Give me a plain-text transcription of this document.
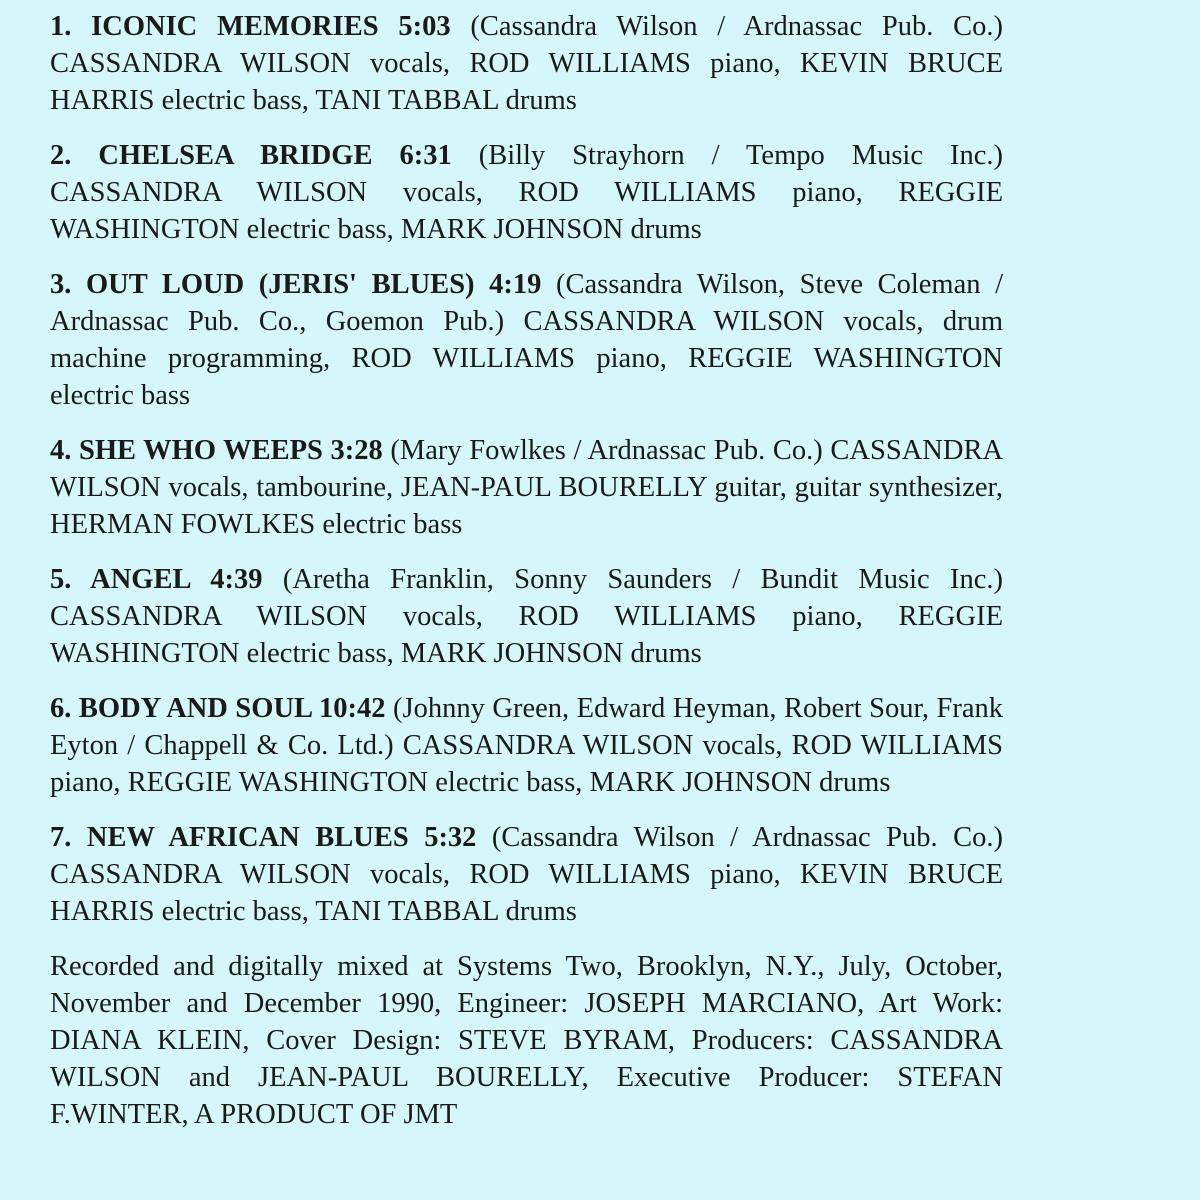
1. ICONIC MEMORIES 5:03 (Cassandra Wilson / Ardnassac Pub. Co.) CASSANDRA WILSON vocals, ROD WILLIAMS piano, KEVIN BRUCE HARRIS electric bass, TANI TABBAL drums

2. CHELSEA BRIDGE 6:31 (Billy Strayhorn / Tempo Music Inc.) CASSANDRA WILSON vocals, ROD WILLIAMS piano, REGGIE WASHINGTON electric bass, MARK JOHNSON drums

3. OUT LOUD (JERIS' BLUES) 4:19 (Cassandra Wilson, Steve Coleman / Ardnassac Pub. Co., Goemon Pub.) CASSANDRA WILSON vocals, drum machine programming, ROD WILLIAMS piano, REGGIE WASHINGTON electric bass

4. SHE WHO WEEPS 3:28 (Mary Fowlkes / Ardnassac Pub. Co.) CASSANDRA WILSON vocals, tambourine, JEAN-PAUL BOURELLY guitar, guitar synthesizer, HERMAN FOWLKES electric bass

5. ANGEL 4:39 (Aretha Franklin, Sonny Saunders / Bundit Music Inc.) CASSANDRA WILSON vocals, ROD WILLIAMS piano, REGGIE WASHINGTON electric bass, MARK JOHNSON drums

6. BODY AND SOUL 10:42 (Johnny Green, Edward Heyman, Robert Sour, Frank Eyton / Chappell & Co. Ltd.) CASSANDRA WILSON vocals, ROD WILLIAMS piano, REGGIE WASHINGTON electric bass, MARK JOHNSON drums

7. NEW AFRICAN BLUES 5:32 (Cassandra Wilson / Ardnassac Pub. Co.) CASSANDRA WILSON vocals, ROD WILLIAMS piano, KEVIN BRUCE HARRIS electric bass, TANI TABBAL drums

Recorded and digitally mixed at Systems Two, Brooklyn, N.Y., July, October, November and December 1990, Engineer: JOSEPH MARCIANO, Art Work: DIANA KLEIN, Cover Design: STEVE BYRAM, Producers: CASSANDRA WILSON and JEAN-PAUL BOURELLY, Executive Producer: STEFAN F.WINTER, A PRODUCT OF JMT
